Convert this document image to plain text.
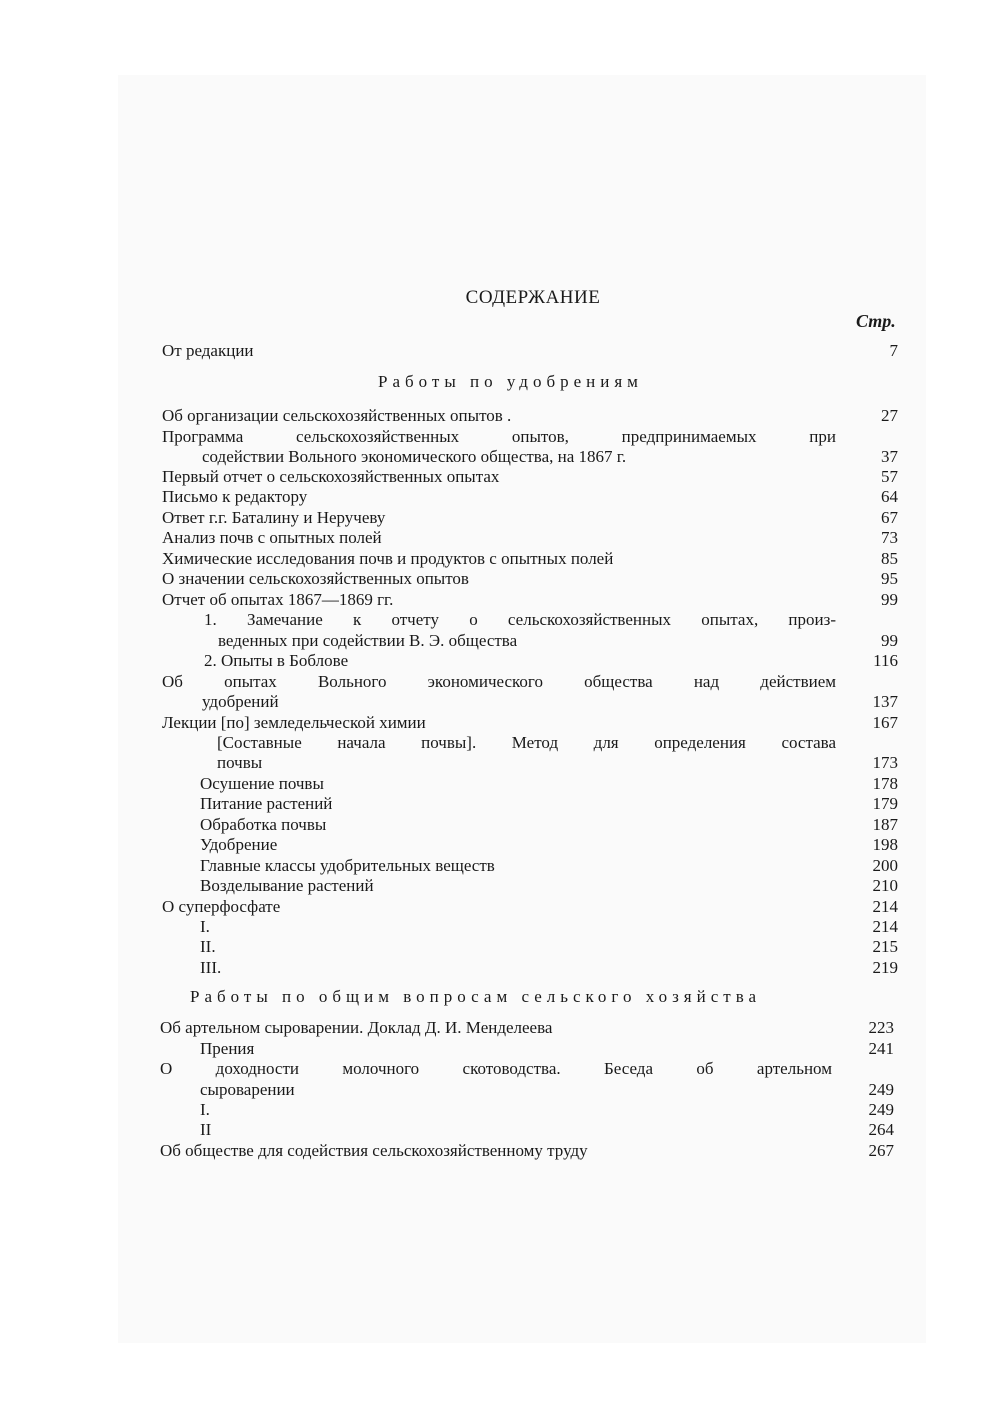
СОДЕРЖАНИЕ
Стр.
Работы по удобрениям
Работы по общим вопросам сельского хозяйства
От редакции	7
Об организации сельскохозяйственных опытов .	27
Программа сельскохозяйственных опытов, предпринимаемых при
содействии Вольного экономического общества, на 1867 г.	37
Первый отчет о сельскохозяйственных опытах	57
Письмо к редактору	64
Ответ г.г. Баталину и Неручеву	67
Анализ почв с опытных полей	73
Химические исследования почв и продуктов с опытных полей	85
О значении сельскохозяйственных опытов	95
Отчет об опытах 1867—1869 гг.	99
1. Замечание к отчету о сельскохозяйственных опытах, произ-
веденных при содействии В. Э. общества	99
2. Опыты в Боблове	116
Об опытах Вольного экономического общества над действием
удобрений	137
Лекции [по] земледельческой химии	167
[Составные начала почвы]. Метод для определения состава
почвы	173
Осушение почвы	178
Питание растений	179
Обработка почвы	187
Удобрение	198
Главные классы удобрительных веществ	200
Возделывание растений	210
О суперфосфате	214
I.	214
II.	215
III.	219
Об артельном сыроварении. Доклад Д. И. Менделеева	223
Прения	241
О доходности молочного скотоводства. Беседа об артельном
сыроварении	249
I.	249
II	264
Об обществе для содействия сельскохозяйственному труду	267
